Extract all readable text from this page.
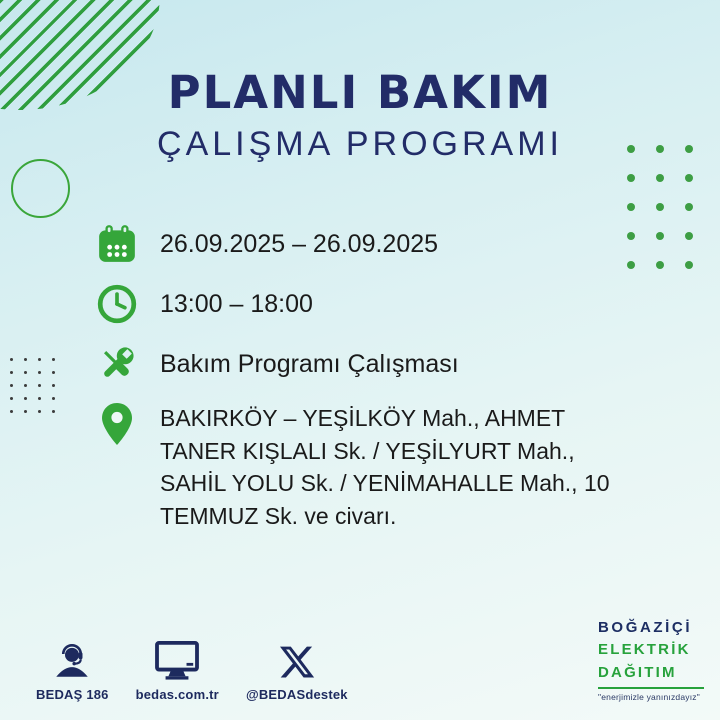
PLANLI BAKIM
ÇALIŞMA PROGRAMI
26.09.2025 – 26.09.2025
13:00 – 18:00
Bakım Programı Çalışması
BAKIRKÖY – YEŞİLKÖY Mah., AHMET TANER KIŞLALI Sk. / YEŞİLYURT Mah., SAHİL YOLU Sk. / YENİMAHALLE Mah., 10 TEMMUZ Sk. ve civarı.
BEDAŞ 186 bedas.com.tr @BEDASdestek
BOĞAZİÇİ
ELEKTRİK
DAĞITIM
"enerjimizle yanınızdayız"
